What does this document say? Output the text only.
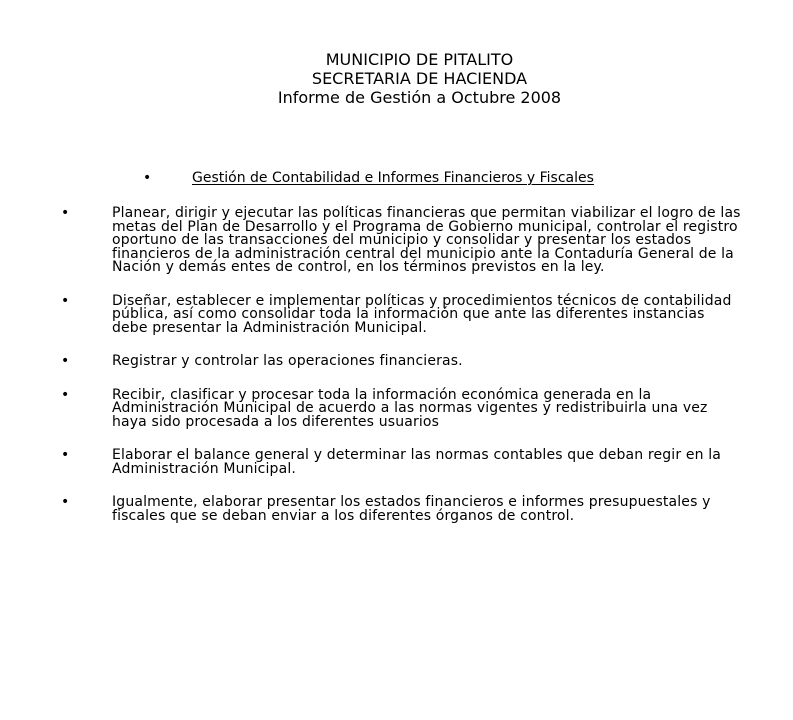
MUNICIPIO DE PITALITO
SECRETARIA DE HACIENDA
Informe de Gestión a Octubre 2008
•	Gestión de Contabilidad e Informes Financieros y Fiscales
•	Planear, dirigir y ejecutar las políticas financieras que permitan viabilizar el logro de las metas del Plan de Desarrollo y el Programa de Gobierno municipal, controlar el registro oportuno de las transacciones del municipio y consolidar y presentar los estados financieros de la administración central del municipio ante la Contaduría General de la Nación y demás entes de control, en los términos previstos en la ley.
•	Diseñar, establecer e implementar políticas y procedimientos técnicos de contabilidad pública, así como consolidar toda la información que ante las diferentes instancias debe presentar la Administración Municipal.
•	Registrar y controlar las operaciones financieras.
•	Recibir, clasificar y procesar toda la información económica generada en la Administración Municipal de acuerdo a las normas vigentes y redistribuirla una vez haya sido procesada a los diferentes usuarios
•	Elaborar el balance general y determinar las normas contables que deban regir en la Administración Municipal.
•	Igualmente, elaborar presentar los estados financieros e informes presupuestales y fiscales que se deban enviar a los diferentes órganos de control.
